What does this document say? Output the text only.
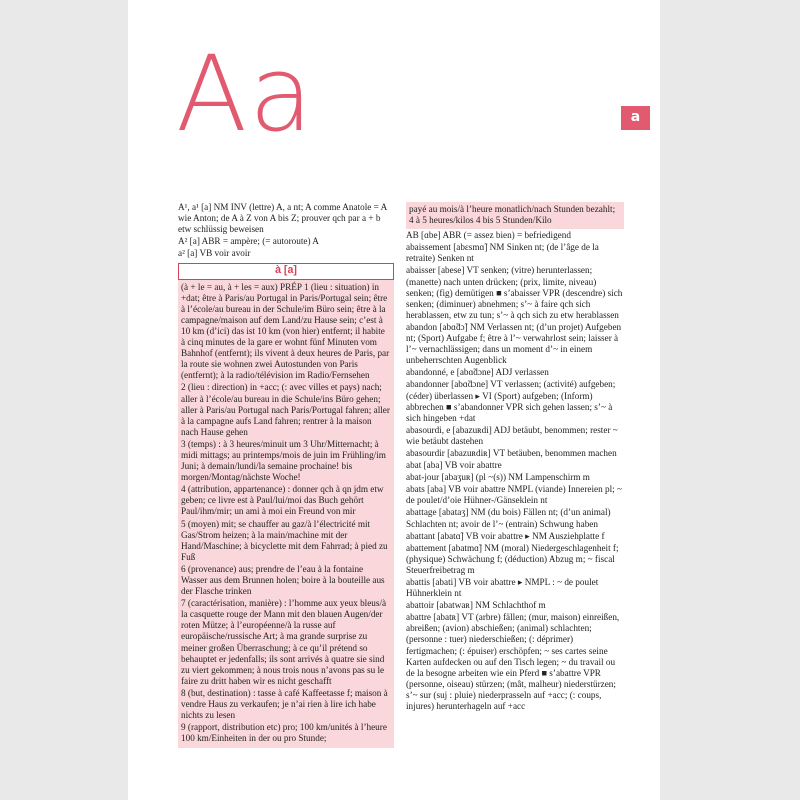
Aa	a
A¹, a¹ [a] NM INV (lettre) A, a nt; A comme Anatole = A wie Anton; de A à Z von A bis Z; prouver qch par a + b etw schlüssig beweisen
A² [a] ABR = ampère; (= autoroute) A
a² [a] VB voir avoir
à [a]
(à + le = au, à + les = aux) PRÉP 1 (lieu : situation) in +dat; être à Paris/au Portugal in Paris/Portugal sein; être à l’école/au bureau in der Schule/im Büro sein; être à la campagne/maison auf dem Land/zu Hause sein; c’est à 10 km (d’ici) das ist 10 km (von hier) entfernt; il habite à cinq minutes de la gare er wohnt fünf Minuten vom Bahnhof (entfernt); ils vivent à deux heures de Paris, par la route sie wohnen zwei Autostunden von Paris (entfernt); à la radio/télévision im Radio/Fernsehen
2 (lieu : direction) in +acc; (: avec villes et pays) nach; aller à l’école/au bureau in die Schule/ins Büro gehen; aller à Paris/au Portugal nach Paris/Portugal fahren; aller à la campagne aufs Land fahren; rentrer à la maison nach Hause gehen
3 (temps) : à 3 heures/minuit um 3 Uhr/Mitternacht; à midi mittags; au printemps/mois de juin im Frühling/im Juni; à demain/lundi/la semaine prochaine! bis morgen/Montag/nächste Woche!
4 (attribution, appartenance) : donner qch à qn jdm etw geben; ce livre est à Paul/lui/moi das Buch gehört Paul/ihm/mir; un ami à moi ein Freund von mir
5 (moyen) mit; se chauffer au gaz/à l’électricité mit Gas/Strom heizen; à la main/machine mit der Hand/Maschine; à bicyclette mit dem Fahrrad; à pied zu Fuß
6 (provenance) aus; prendre de l’eau à la fontaine Wasser aus dem Brunnen holen; boire à la bouteille aus der Flasche trinken
7 (caractérisation, manière) : l’homme aux yeux bleus/à la casquette rouge der Mann mit den blauen Augen/der roten Mütze; à l’européenne/à la russe auf europäische/russische Art; à ma grande surprise zu meiner großen Überraschung; à ce qu’il prétend so behauptet er jedenfalls; ils sont arrivés à quatre sie sind zu viert gekommen; à nous trois nous n’avons pas su le faire zu dritt haben wir es nicht geschafft
8 (but, destination) : tasse à café Kaffeetasse f; maison à vendre Haus zu verkaufen; je n’ai rien à lire ich habe nichts zu lesen
9 (rapport, distribution etc) pro; 100 km/unités à l’heure 100 km/Einheiten in der ou pro Stunde;
payé au mois/à l’heure monatlich/nach Stunden bezahlt; 4 à 5 heures/kilos 4 bis 5 Stunden/Kilo
AB [ɑbe] ABR (= assez bien) = befriedigend
abaissement [abɛsmɑ̃] NM Sinken nt; (de l’âge de la retraite) Senken nt
abaisser [abese] VT senken; (vitre) herunterlassen; (manette) nach unten drücken; (prix, limite, niveau) senken; (fig) demütigen ■ s’abaisser VPR (descendre) sich senken; (diminuer) abnehmen; s’~ à faire qch sich herablassen, etw zu tun; s’~ à qch sich zu etw herablassen
abandon [abɑ̃dɔ̃] NM Verlassen nt; (d’un projet) Aufgeben nt; (Sport) Aufgabe f; être à l’~ verwahrlost sein; laisser à l’~ vernachlässigen; dans un moment d’~ in einem unbeherrschten Augenblick
abandonné, e [abɑ̃dɔne] ADJ verlassen
abandonner [abɑ̃dɔne] VT verlassen; (activité) aufgeben; (céder) überlassen ▸ VI (Sport) aufgeben; (Inform) abbrechen ■ s’abandonner VPR sich gehen lassen; s’~ à sich hingeben +dat
abasourdi, e [abazuʀdi] ADJ betäubt, benommen; rester ~ wie betäubt dastehen
abasourdir [abazuʀdiʀ] VT betäuben, benommen machen
abat [aba] VB voir abattre
abat-jour [abaʒuʀ] (pl ~(s)) NM Lampenschirm m
abats [aba] VB voir abattre NMPL (viande) Innereien pl; ~ de poulet/d’oie Hühner-/Gänseklein nt
abattage [abataʒ] NM (du bois) Fällen nt; (d’un animal) Schlachten nt; avoir de l’~ (entrain) Schwung haben
abattant [abatɑ̃] VB voir abattre ▸ NM Ausziehplatte f
abattement [abatmɑ̃] NM (moral) Niedergeschlagenheit f; (physique) Schwächung f; (déduction) Abzug m; ~ fiscal Steuerfreibetrag m
abattis [abati] VB voir abattre ▸ NMPL : ~ de poulet Hühnerklein nt
abattoir [abatwaʀ] NM Schlachthof m
abattre [abatʀ] VT (arbre) fällen; (mur, maison) einreißen, abreißen; (avion) abschießen; (animal) schlachten; (personne : tuer) niederschießen; (: déprimer) fertigmachen; (: épuiser) erschöpfen; ~ ses cartes seine Karten aufdecken ou auf den Tisch legen; ~ du travail ou de la besogne arbeiten wie ein Pferd ■ s’abattre VPR (personne, oiseau) stürzen; (mât, malheur) niederstürzen; s’~ sur (suj : pluie) niederprasseln auf +acc; (: coups, injures) herunterhagеln auf +acc
